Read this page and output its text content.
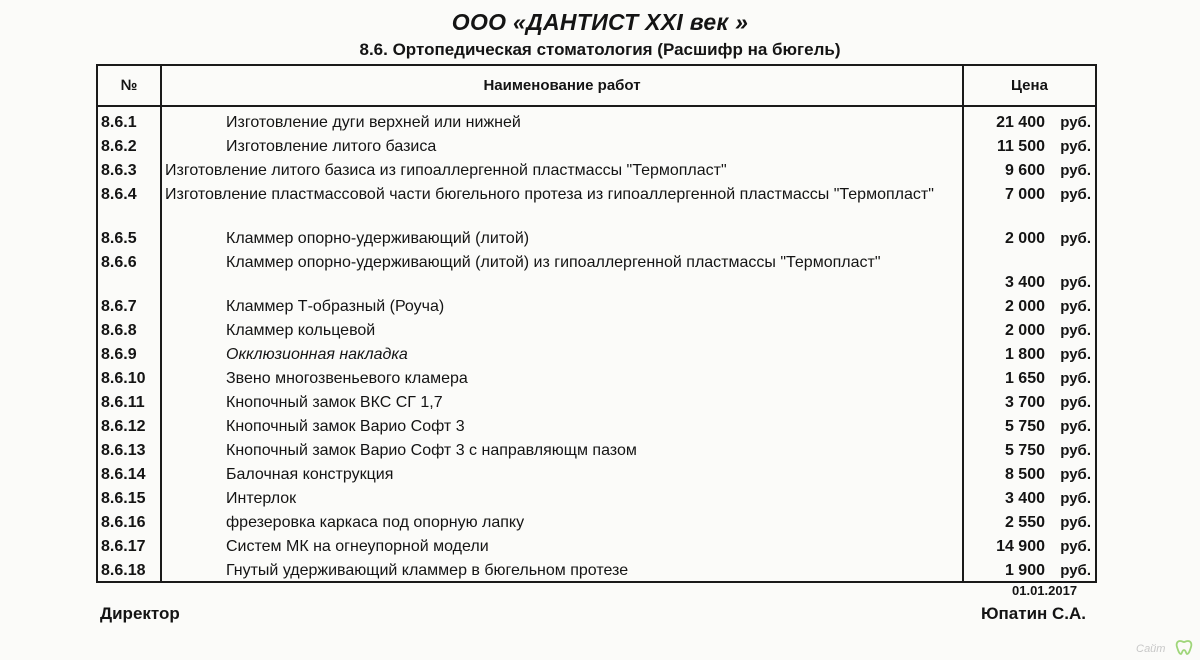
ООО «ДАНТИСТ XXI век »
8.6. Ортопедическая стоматология (Расшифр на бюгель)
№	Наименование работ	Цена

8.6.1	Изготовление дуги верхней или нижней	21 400 руб.

8.6.2	Изготовление литого базиса	11 500 руб.

8.6.3	Изготовление литого базиса из гипоаллергенной пластмассы "Термопласт"	9 600 руб.

8.6.4	Изготовление пластмассовой части бюгельного протеза из гипоаллергенной пластмассы "Термопласт"	7 000 руб.

8.6.5	Кламмер опорно-удерживающий (литой)	2 000 руб.

8.6.6	Кламмер опорно-удерживающий (литой) из гипоаллергенной пластмассы "Термопласт"	3 400 руб.

8.6.7	Кламмер Т-образный (Роуча)	2 000 руб.

8.6.8	Кламмер кольцевой	2 000 руб.

8.6.9	Окклюзионная накладка	1 800 руб.

8.6.10	Звено многозвеньевого кламера	1 650 руб.

8.6.11	Кнопочный замок ВКС СГ 1,7	3 700 руб.

8.6.12	Кнопочный замок Варио Софт 3	5 750 руб.

8.6.13	Кнопочный замок Варио Софт 3 с направляющм пазом	5 750 руб.

8.6.14	Балочная конструкция	8 500 руб.

8.6.15	Интерлок	3 400 руб.

8.6.16	фрезеровка каркаса под опорную лапку	2 550 руб.

8.6.17	Систем МК на огнеупорной модели	14 900 руб.

8.6.18	Гнутый удерживающий кламмер в бюгельном протезе	1 900 руб.
01.01.2017
Директор	Юпатин С.А.
Сайт
